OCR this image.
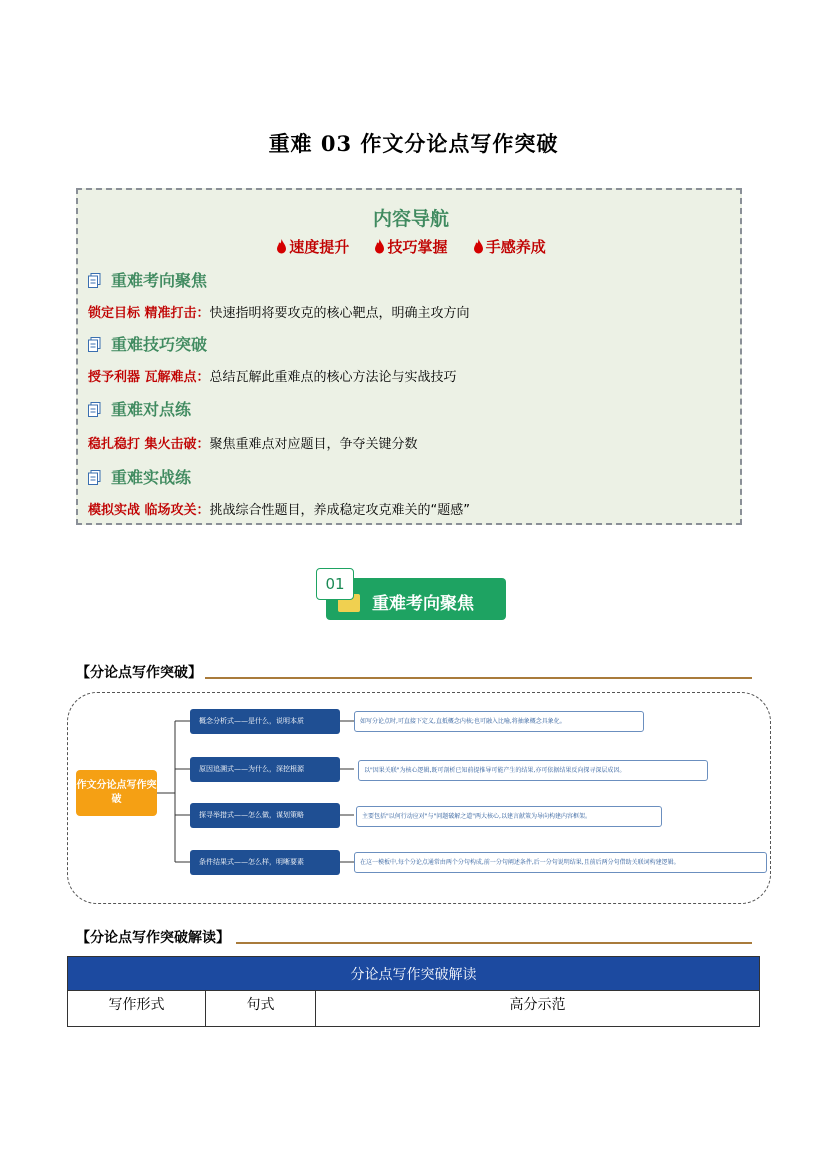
重难 03 作文分论点写作突破
内容导航
速度提升	技巧掌握	手感养成
重难考向聚焦
锁定目标 精准打击：快速指明将要攻克的核心靶点，明确主攻方向
重难技巧突破
授予利器 瓦解难点：总结瓦解此重难点的核心方法论与实战技巧
重难对点练
稳扎稳打 集火击破：聚焦重难点对应题目，争夺关键分数
重难实战练
模拟实战 临场攻关：挑战综合性题目，养成稳定攻克难关的“题感”
01
重难考向聚焦
【分论点写作突破】
作文分论点写作突破
概念分析式——是什么，说明本质	如写分论点时,可直接下定义,直抵概念内核;也可融入比喻,将抽象概念具象化。
原因追溯式——为什么，深挖根源	以"因果关联"为核心逻辑,既可剖析已知前提推导可能产生的结果,亦可依据结果反向探寻深层成因。
探寻举措式——怎么做，谋划策略	主要包括"以何行动应对"与"问题破解之道"两大核心,以建言献策为导向构建内容框架。
条件结果式——怎么样，明晰要素	在这一模板中,每个分论点通常由两个分句构成,前一分句阐述条件,后一分句说明结果,且前后两分句借助关联词构建逻辑。
【分论点写作突破解读】
分论点写作突破解读
写作形式	句式	高分示范
